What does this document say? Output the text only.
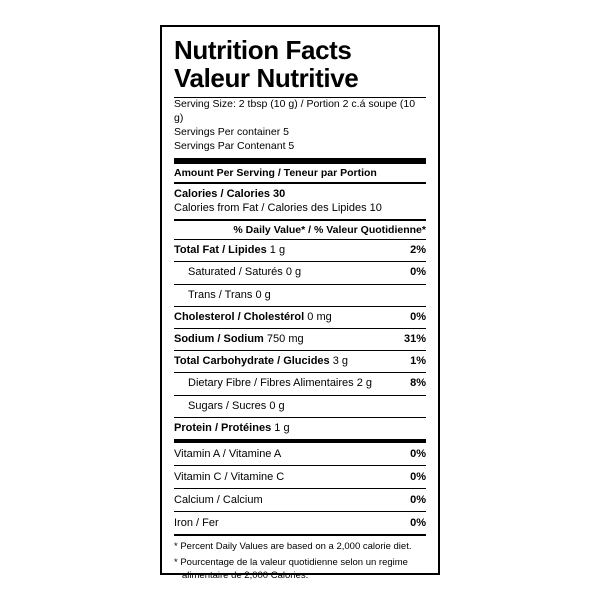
Nutrition Facts
Valeur Nutritive
Serving Size: 2 tbsp (10 g) / Portion 2 c.á soupe (10 g)
Servings Per container 5
Servings Par Contenant 5
Amount Per Serving / Teneur par Portion
Calories / Calories 30
Calories from Fat / Calories des Lipides 10
% Daily Value* / % Valeur Quotidienne*
Total Fat / Lipides 1 g	2%
Saturated / Saturés 0 g	0%
Trans / Trans 0 g
Cholesterol / Cholestérol 0 mg	0%
Sodium / Sodium 750 mg	31%
Total Carbohydrate / Glucides 3 g	1%
Dietary Fibre / Fibres Alimentaires 2 g	8%
Sugars / Sucres 0 g
Protein / Protéines 1 g
Vitamin A / Vitamine A	0%
Vitamin C / Vitamine C	0%
Calcium / Calcium	0%
Iron / Fer	0%

* Percent Daily Values are based on a 2,000 calorie diet.

* Pourcentage de la valeur quotidienne selon un regime alimentaire de 2,000 Calories.
